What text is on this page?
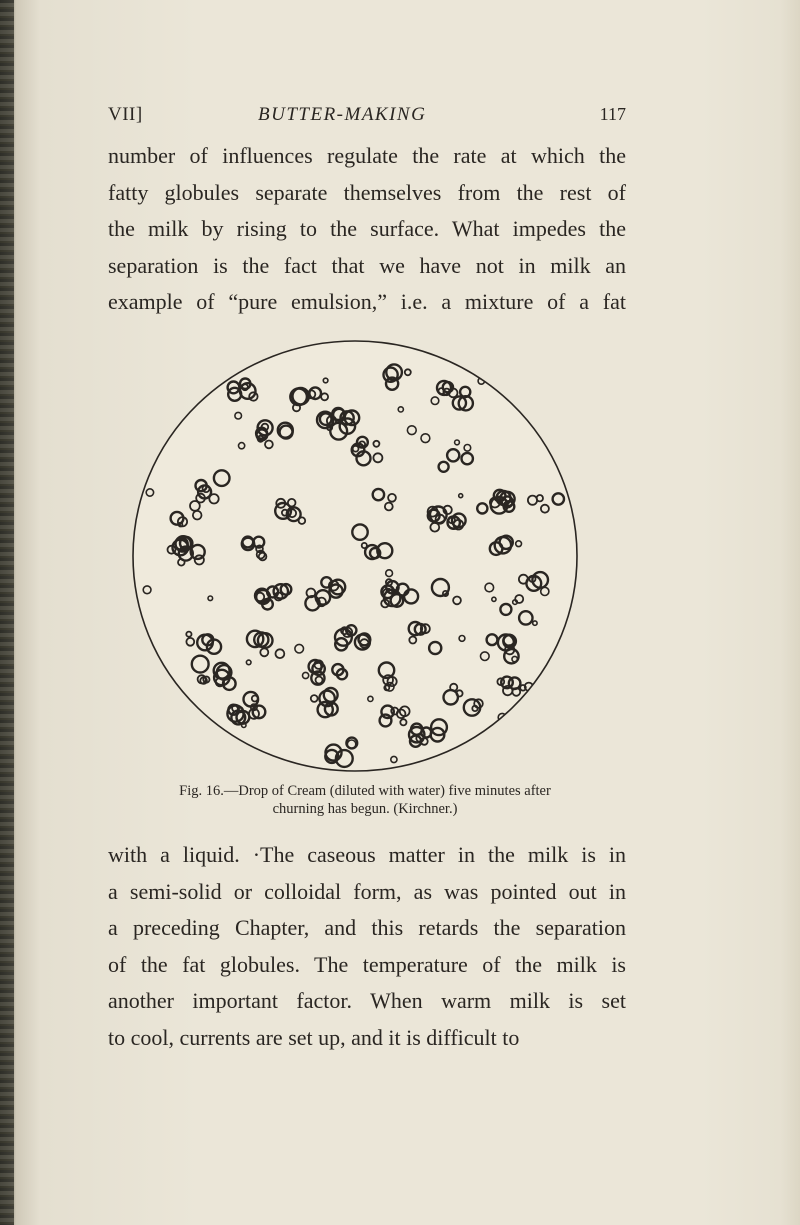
VII]	BUTTER-MAKING	117
number of influences regulate the rate at which the
fatty globules separate themselves from the rest of
the milk by rising to the surface. What impedes the
separation is the fact that we have not in milk an
example of “pure emulsion,” i.e. a mixture of a fat
Fig. 16.—Drop of Cream (diluted with water) five minutes after
churning has begun. (Kirchner.)
with a liquid. ·The caseous matter in the milk is in
a semi-solid or colloidal form, as was pointed out in
a preceding Chapter, and this retards the separation
of the fat globules. The temperature of the milk is
another important factor. When warm milk is set
to cool, currents are set up, and it is difficult to
